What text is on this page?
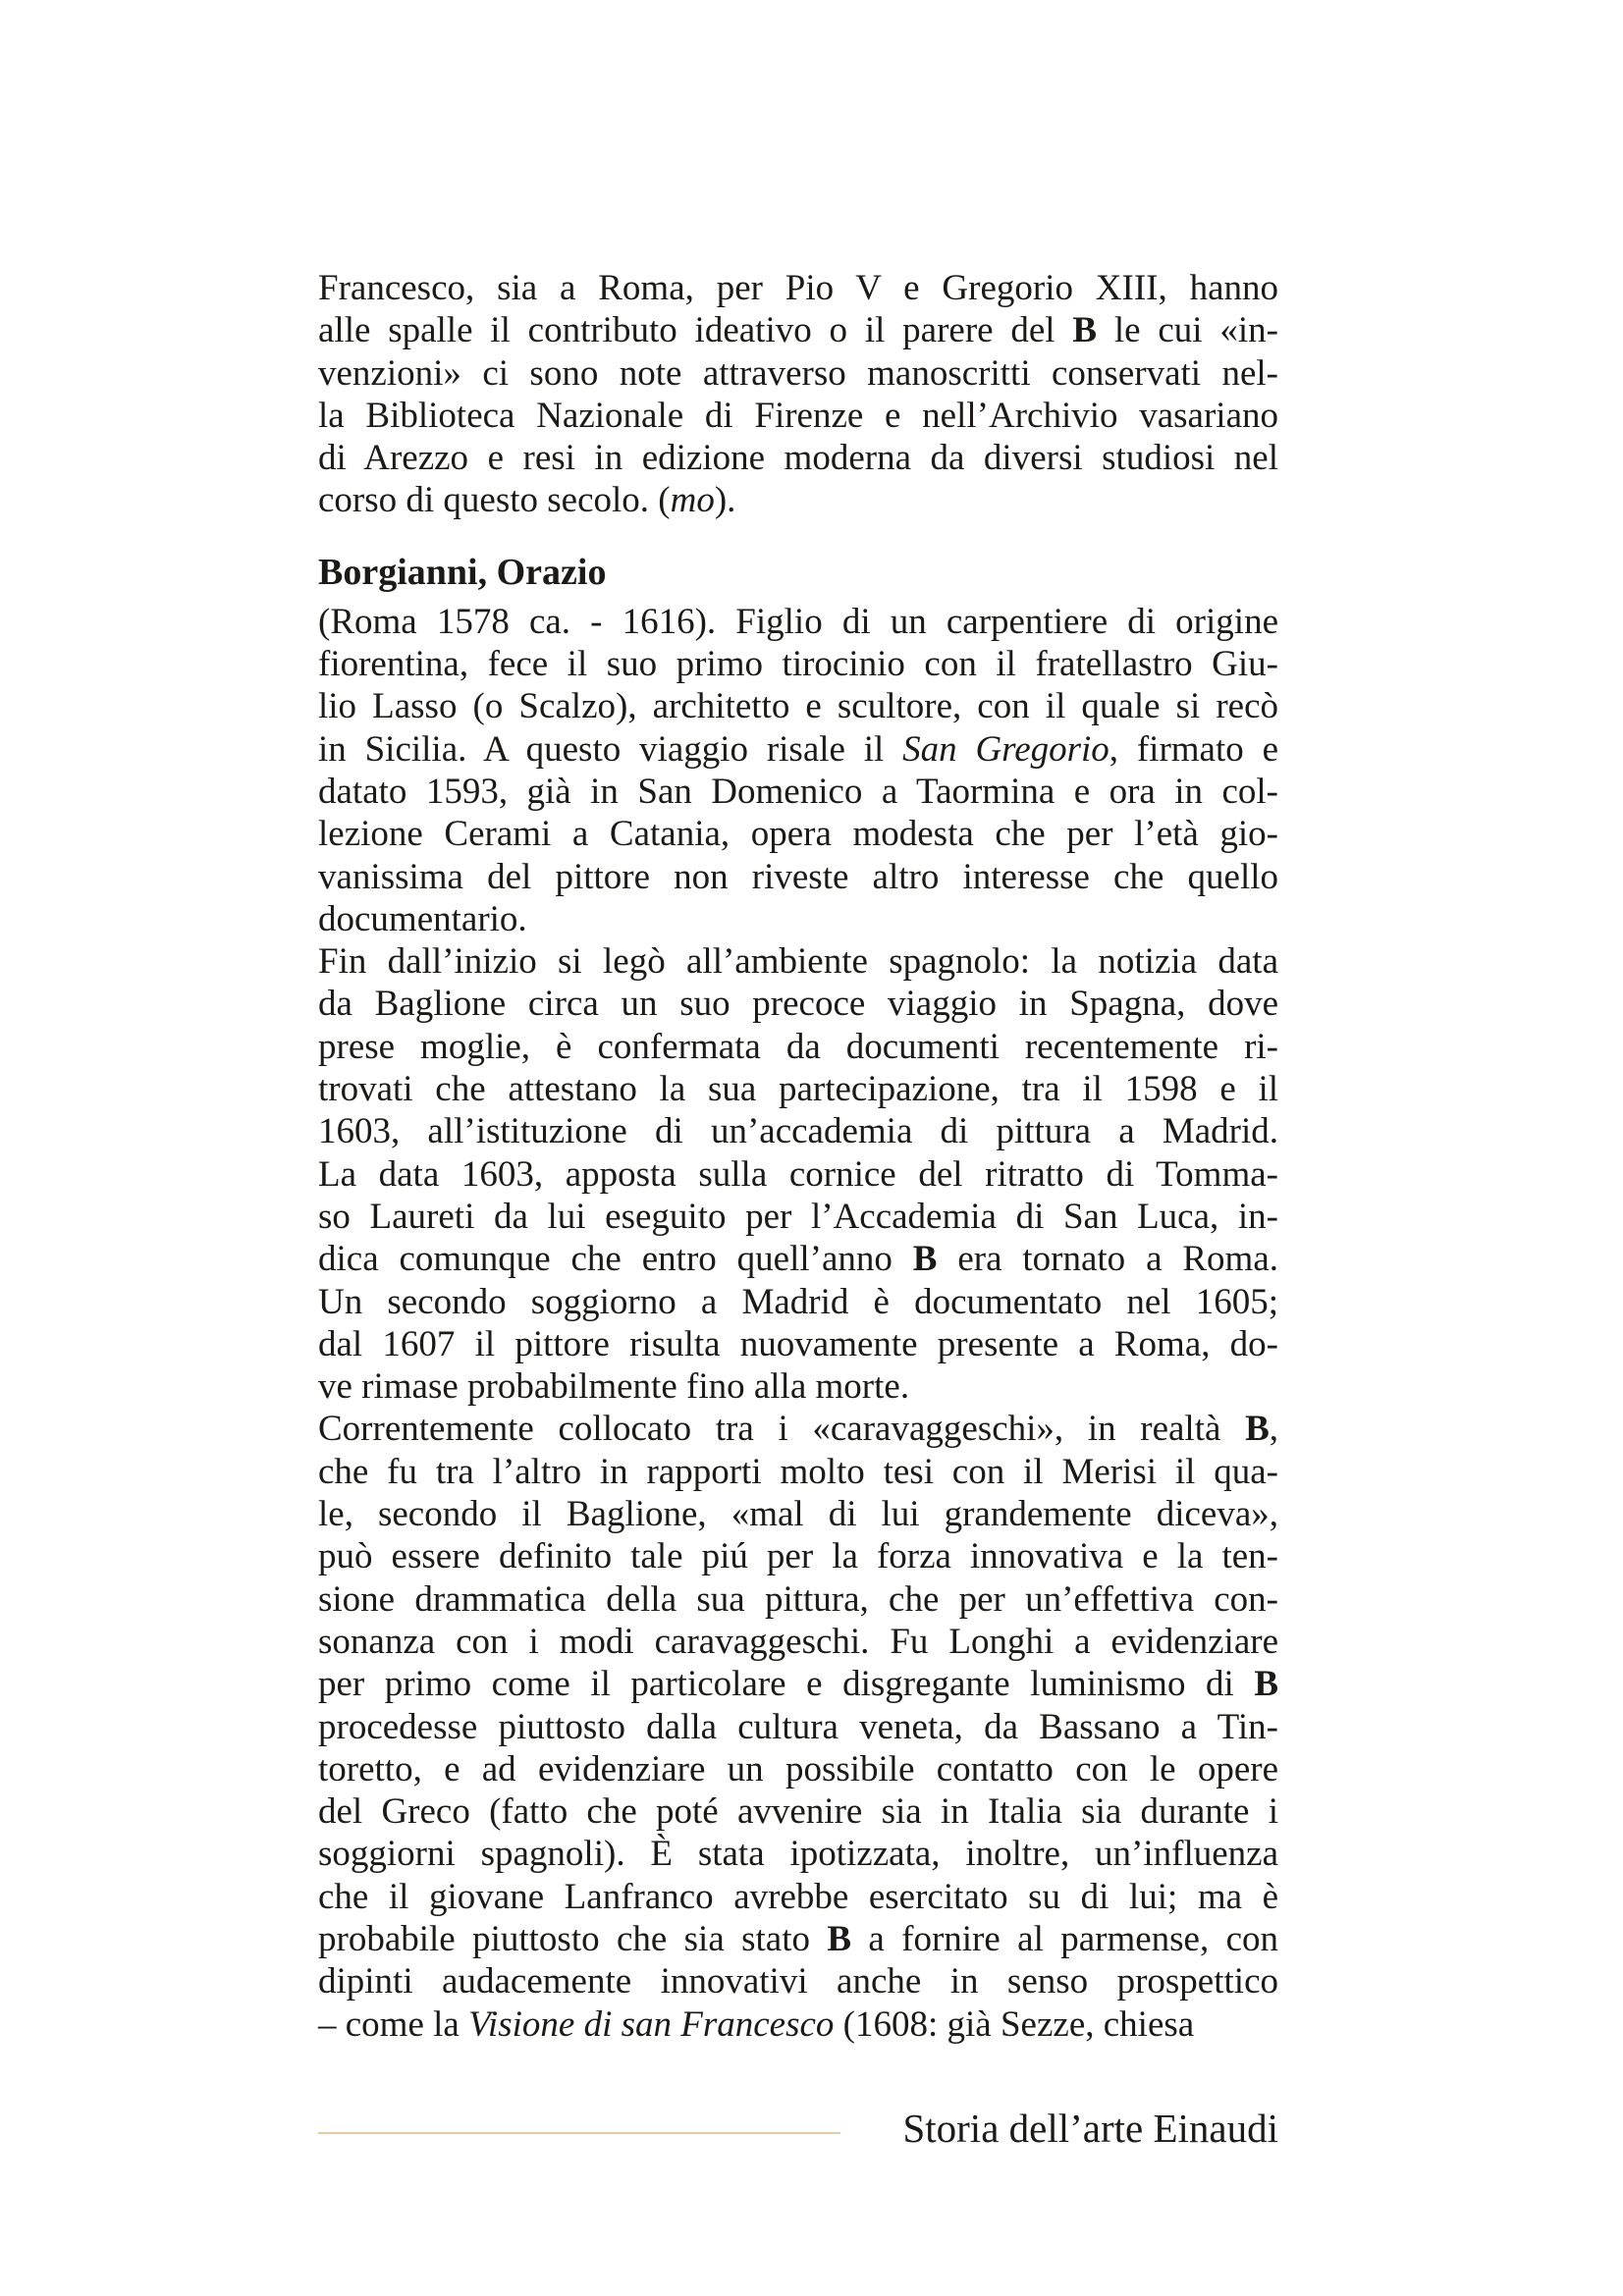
Francesco, sia a Roma, per Pio V e Gregorio XIII, hanno
alle spalle il contributo ideativo o il parere del B le cui «in-
venzioni» ci sono note attraverso manoscritti conservati nel-
la Biblioteca Nazionale di Firenze e nell’Archivio vasariano
di Arezzo e resi in edizione moderna da diversi studiosi nel
corso di questo secolo. (mo).
Borgianni, Orazio
(Roma 1578 ca. - 1616). Figlio di un carpentiere di origine
fiorentina, fece il suo primo tirocinio con il fratellastro Giu-
lio Lasso (o Scalzo), architetto e scultore, con il quale si recò
in Sicilia. A questo viaggio risale il San Gregorio, firmato e
datato 1593, già in San Domenico a Taormina e ora in col-
lezione Cerami a Catania, opera modesta che per l’età gio-
vanissima del pittore non riveste altro interesse che quello
documentario.
Fin dall’inizio si legò all’ambiente spagnolo: la notizia data
da Baglione circa un suo precoce viaggio in Spagna, dove
prese moglie, è confermata da documenti recentemente ri-
trovati che attestano la sua partecipazione, tra il 1598 e il
1603, all’istituzione di un’accademia di pittura a Madrid.
La data 1603, apposta sulla cornice del ritratto di Tomma-
so Laureti da lui eseguito per l’Accademia di San Luca, in-
dica comunque che entro quell’anno B era tornato a Roma.
Un secondo soggiorno a Madrid è documentato nel 1605;
dal 1607 il pittore risulta nuovamente presente a Roma, do-
ve rimase probabilmente fino alla morte.
Correntemente collocato tra i «caravaggeschi», in realtà B,
che fu tra l’altro in rapporti molto tesi con il Merisi il qua-
le, secondo il Baglione, «mal di lui grandemente diceva»,
può essere definito tale piú per la forza innovativa e la ten-
sione drammatica della sua pittura, che per un’effettiva con-
sonanza con i modi caravaggeschi. Fu Longhi a evidenziare
per primo come il particolare e disgregante luminismo di B
procedesse piuttosto dalla cultura veneta, da Bassano a Tin-
toretto, e ad evidenziare un possibile contatto con le opere
del Greco (fatto che poté avvenire sia in Italia sia durante i
soggiorni spagnoli). È stata ipotizzata, inoltre, un’influenza
che il giovane Lanfranco avrebbe esercitato su di lui; ma è
probabile piuttosto che sia stato B a fornire al parmense, con
dipinti audacemente innovativi anche in senso prospettico
– come la Visione di san Francesco (1608: già Sezze, chiesa
Storia dell’arte Einaudi
